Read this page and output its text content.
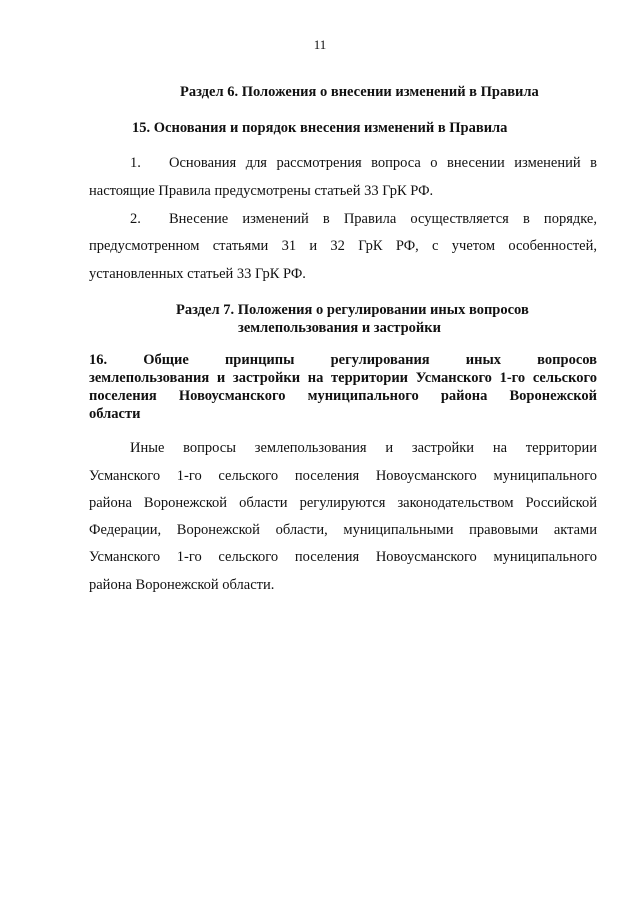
11
Раздел 6. Положения о внесении изменений в Правила
15. Основания и порядок внесения изменений в Правила
1. Основания для рассмотрения вопроса о внесении изменений в
настоящие Правила предусмотрены статьей 33 ГрК РФ.
2. Внесение изменений в Правила осуществляется в порядке,
предусмотренном статьями 31 и 32 ГрК РФ, с учетом особенностей,
установленных статьей 33 ГрК РФ.
Раздел 7. Положения о регулировании иных вопросов
землепользования и застройки
16. Общие принципы регулирования иных вопросов
землепользования и застройки на территории Усманского 1-го сельского
поселения Новоусманского муниципального района Воронежской
области
Иные вопросы землепользования и застройки на территории
Усманского 1-го сельского поселения Новоусманского муниципального
района Воронежской области регулируются законодательством Российской
Федерации, Воронежской области, муниципальными правовыми актами
Усманского 1-го сельского поселения Новоусманского муниципального
района Воронежской области.
